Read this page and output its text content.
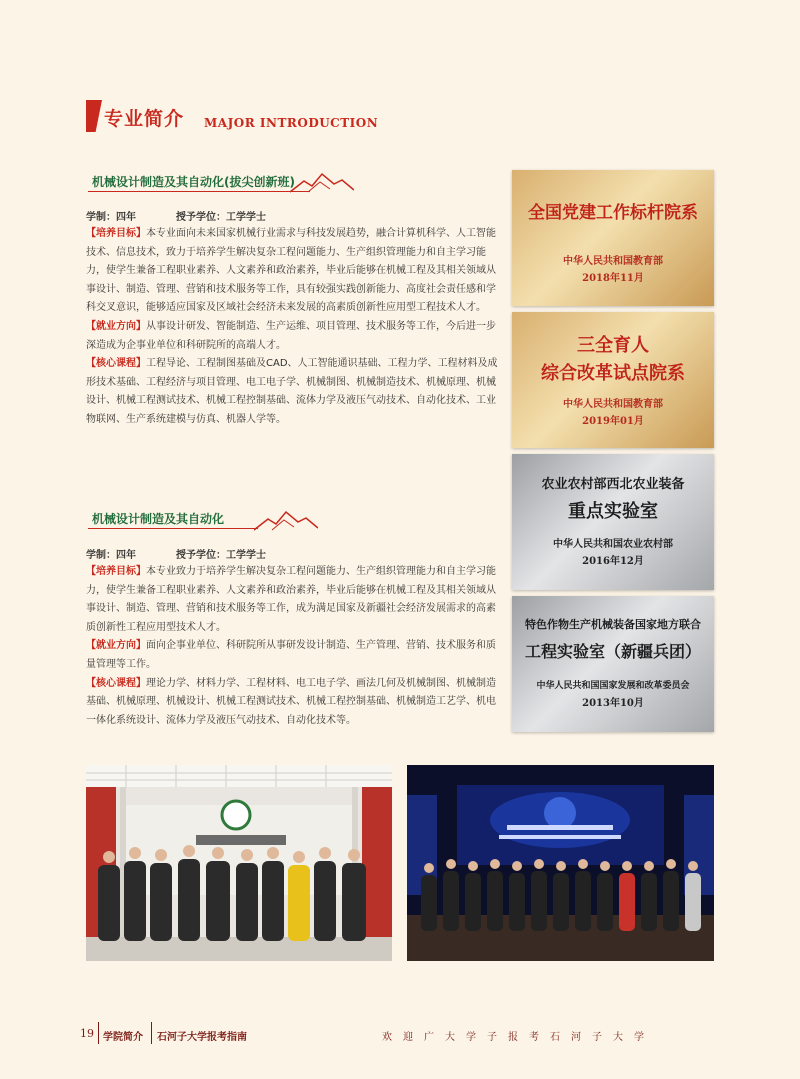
专业简介 MAJOR INTRODUCTION
机械设计制造及其自动化(拔尖创新班)
学制：四年	授予学位：工学学士

【培养目标】本专业面向未来国家机械行业需求与科技发展趋势，融合计算机科学、人工智能技术、信息技术，致力于培养学生解决复杂工程问题能力、生产组织管理能力和自主学习能力，使学生兼备工程职业素养、人文素养和政治素养，毕业后能够在机械工程及其相关领域从事设计、制造、管理、营销和技术服务等工作，具有较强实践创新能力、高度社会责任感和学科交叉意识，能够适应国家及区域社会经济未来发展的高素质创新性应用型工程技术人才。

【就业方向】从事设计研发、智能制造、生产运维、项目管理、技术服务等工作，今后进一步深造成为企事业单位和科研院所的高端人才。

【核心课程】工程导论、工程制图基础及CAD、人工智能通识基础、工程力学、工程材料及成形技术基础、工程经济与项目管理、电工电子学、机械制图、机械制造技术、机械原理、机械设计、机械工程测试技术、机械工程控制基础、流体力学及液压气动技术、自动化技术、工业物联网、生产系统建模与仿真、机器人学等。

机械设计制造及其自动化
学制：四年	授予学位：工学学士

【培养目标】本专业致力于培养学生解决复杂工程问题能力、生产组织管理能力和自主学习能力，使学生兼备工程职业素养、人文素养和政治素养，毕业后能够在机械工程及其相关领域从事设计、制造、管理、营销和技术服务等工作，成为满足国家及新疆社会经济发展需求的高素质创新性工程应用型技术人才。

【就业方向】面向企事业单位、科研院所从事研发设计制造、生产管理、营销、技术服务和质量管理等工作。

【核心课程】理论力学、材料力学、工程材料、电工电子学、画法几何及机械制图、机械制造基础、机械原理、机械设计、机械工程测试技术、机械工程控制基础、机械制造工艺学、机电一体化系统设计、流体力学及液压气动技术、自动化技术等。

全国党建工作标杆院系
中华人民共和国教育部
2018年11月
三全育人
综合改革试点院系
中华人民共和国教育部
2019年01月
农业农村部西北农业装备
重点实验室
中华人民共和国农业农村部
2016年12月
特色作物生产机械装备国家地方联合
工程实验室（新疆兵团）
中华人民共和国国家发展和改革委员会
2013年10月
19 学院简介 石河子大学报考指南	欢迎广大学子报考石河子大学
